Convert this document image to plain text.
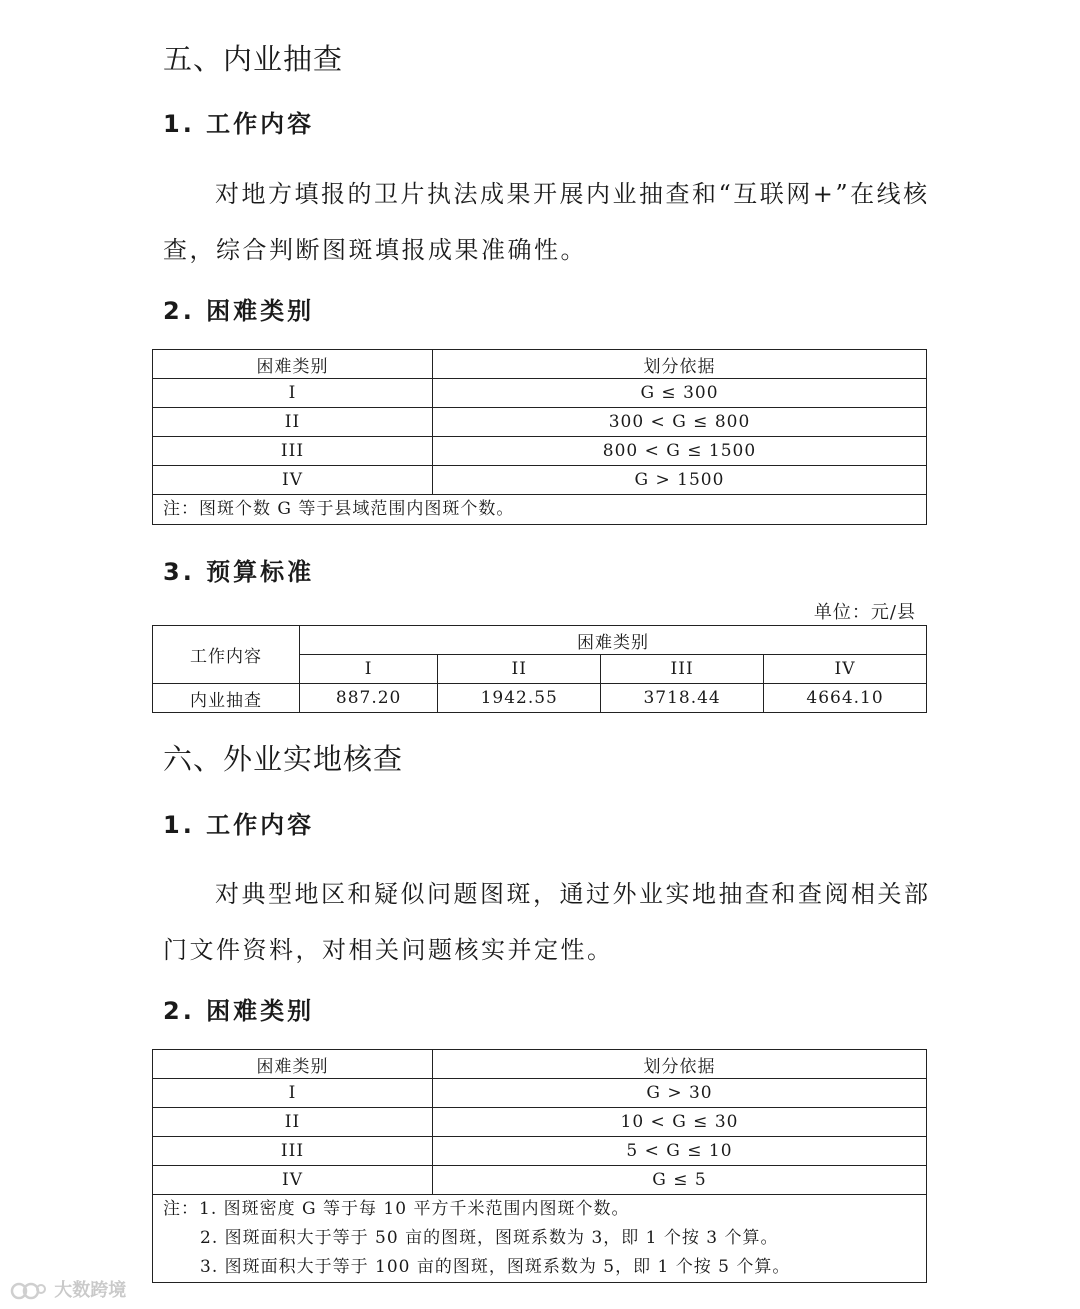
五、内业抽查
1. 工作内容

对地方填报的卫片执法成果开展内业抽查和“互联网+”在线核查，综合判断图斑填报成果准确性。

2. 困难类别
困难类别	划分依据
I	G ≤ 300
II	300 < G ≤ 800
III	800 < G ≤ 1500
IV	G > 1500
注：图斑个数 G 等于县域范围内图斑个数。	
3. 预算标准
单位：元/县
工作内容	困难类别			
	I	II	III	IV
内业抽查	887.20	1942.55	3718.44	4664.10
六、外业实地核查
1. 工作内容

对典型地区和疑似问题图斑，通过外业实地抽查和查阅相关部门文件资料，对相关问题核实并定性。

2. 困难类别
困难类别	划分依据
I	G > 30
II	10 < G ≤ 30
III	5 < G ≤ 10
IV	G ≤ 5

注：1. 图斑密度 G 等于每 10 平方千米范围内图斑个数。
2. 图斑面积大于等于 50 亩的图斑，图斑系数为 3，即 1 个按 3 个算。
3. 图斑面积大于等于 100 亩的图斑，图斑系数为 5，即 1 个按 5 个算。	
大数跨境
